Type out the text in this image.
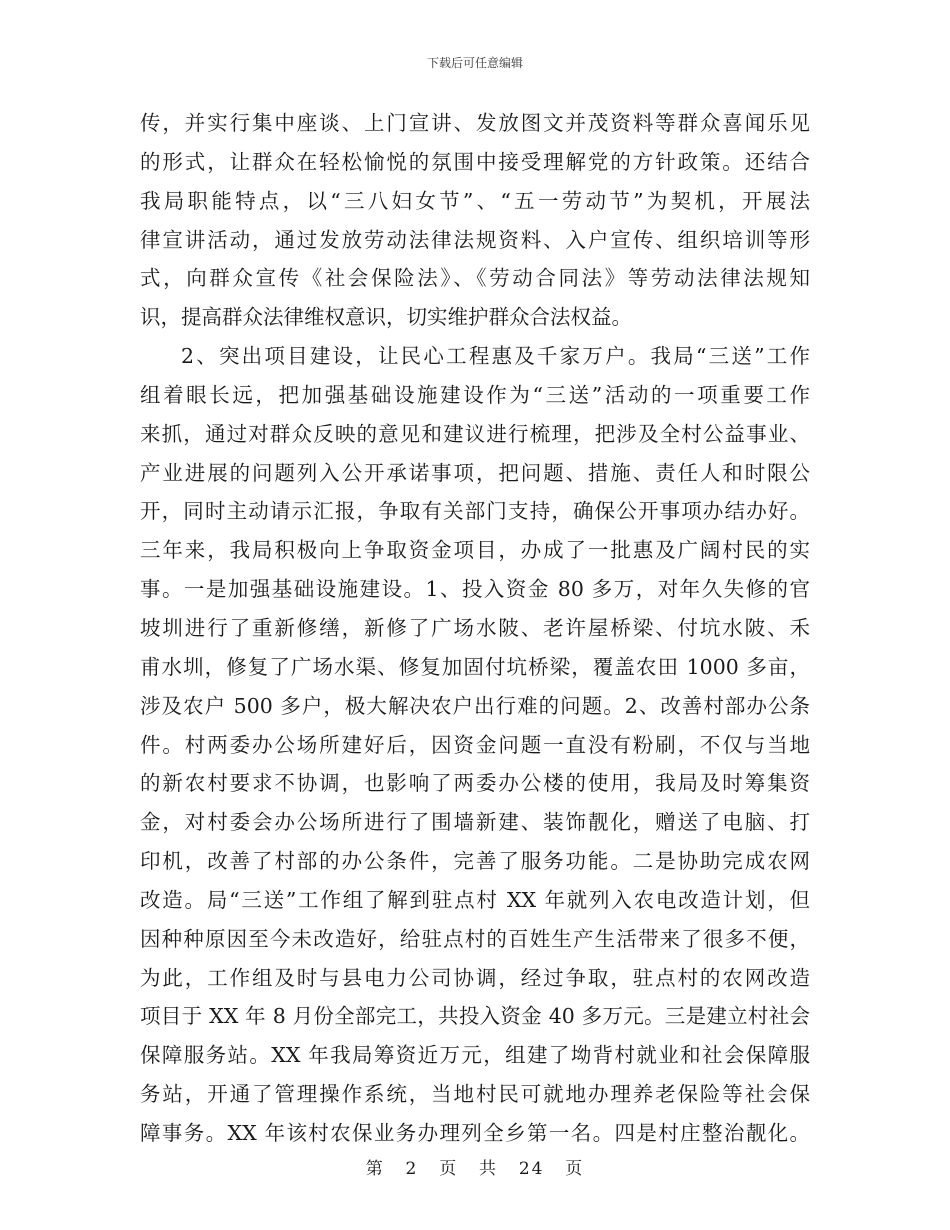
下载后可任意编辑
传，并实行集中座谈、上门宣讲、发放图文并茂资料等群众喜闻乐见
的形式，让群众在轻松愉悦的氛围中接受理解党的方针政策。还结合
我局职能特点，以“三八妇女节”、“五一劳动节”为契机，开展法
律宣讲活动，通过发放劳动法律法规资料、入户宣传、组织培训等形
式，向群众宣传《社会保险法》、《劳动合同法》等劳动法律法规知
识，提高群众法律维权意识，切实维护群众合法权益。
2、突出项目建设，让民心工程惠及千家万户。我局“三送”工作
组着眼长远，把加强基础设施建设作为“三送”活动的一项重要工作
来抓，通过对群众反映的意见和建议进行梳理，把涉及全村公益事业、
产业进展的问题列入公开承诺事项，把问题、措施、责任人和时限公
开，同时主动请示汇报，争取有关部门支持，确保公开事项办结办好。
三年来，我局积极向上争取资金项目，办成了一批惠及广阔村民的实
事。一是加强基础设施建设。1、投入资金 80 多万，对年久失修的官
坡圳进行了重新修缮，新修了广场水陂、老许屋桥梁、付坑水陂、禾
甫水圳，修复了广场水渠、修复加固付坑桥梁，覆盖农田 1000 多亩，
涉及农户 500 多户，极大解决农户出行难的问题。2、改善村部办公条
件。村两委办公场所建好后，因资金问题一直没有粉刷，不仅与当地
的新农村要求不协调，也影响了两委办公楼的使用，我局及时筹集资
金，对村委会办公场所进行了围墙新建、装饰靓化，赠送了电脑、打
印机，改善了村部的办公条件，完善了服务功能。二是协助完成农网
改造。局“三送”工作组了解到驻点村 XX 年就列入农电改造计划，但
因种种原因至今未改造好，给驻点村的百姓生产生活带来了很多不便，
为此，工作组及时与县电力公司协调，经过争取，驻点村的农网改造
项目于 XX 年 8 月份全部完工，共投入资金 40 多万元。三是建立村社会
保障服务站。XX 年我局筹资近万元，组建了坳背村就业和社会保障服
务站，开通了管理操作系统，当地村民可就地办理养老保险等社会保
障事务。XX 年该村农保业务办理列全乡第一名。四是村庄整治靓化。
第 2 页 共 24 页
